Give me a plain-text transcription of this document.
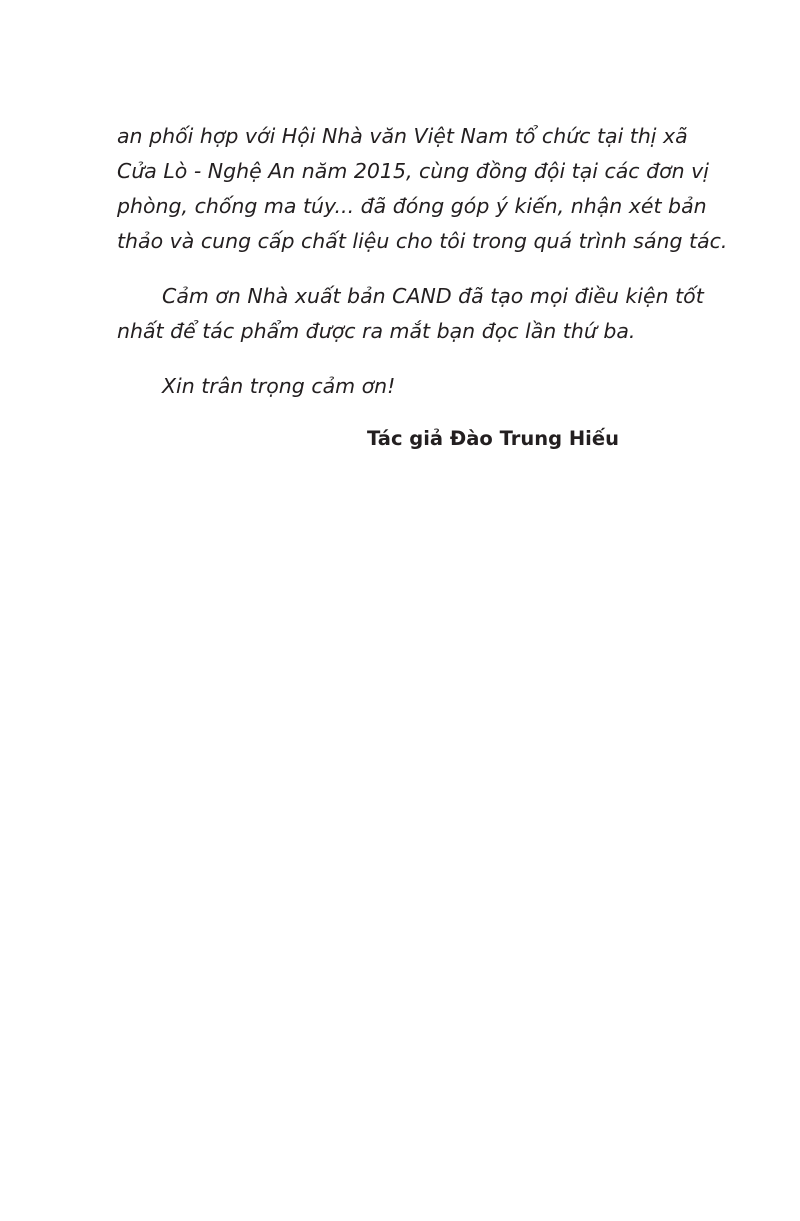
an phối hợp với Hội Nhà văn Việt Nam tổ chức tại thị xã
Cửa Lò - Nghệ An năm 2015, cùng đồng đội tại các đơn vị
phòng, chống ma túy... đã đóng góp ý kiến, nhận xét bản
thảo và cung cấp chất liệu cho tôi trong quá trình sáng tác.

Cảm ơn Nhà xuất bản CAND đã tạo mọi điều kiện tốt
nhất để tác phẩm được ra mắt bạn đọc lần thứ ba.

Xin trân trọng cảm ơn!

Tác giả Đào Trung Hiếu
